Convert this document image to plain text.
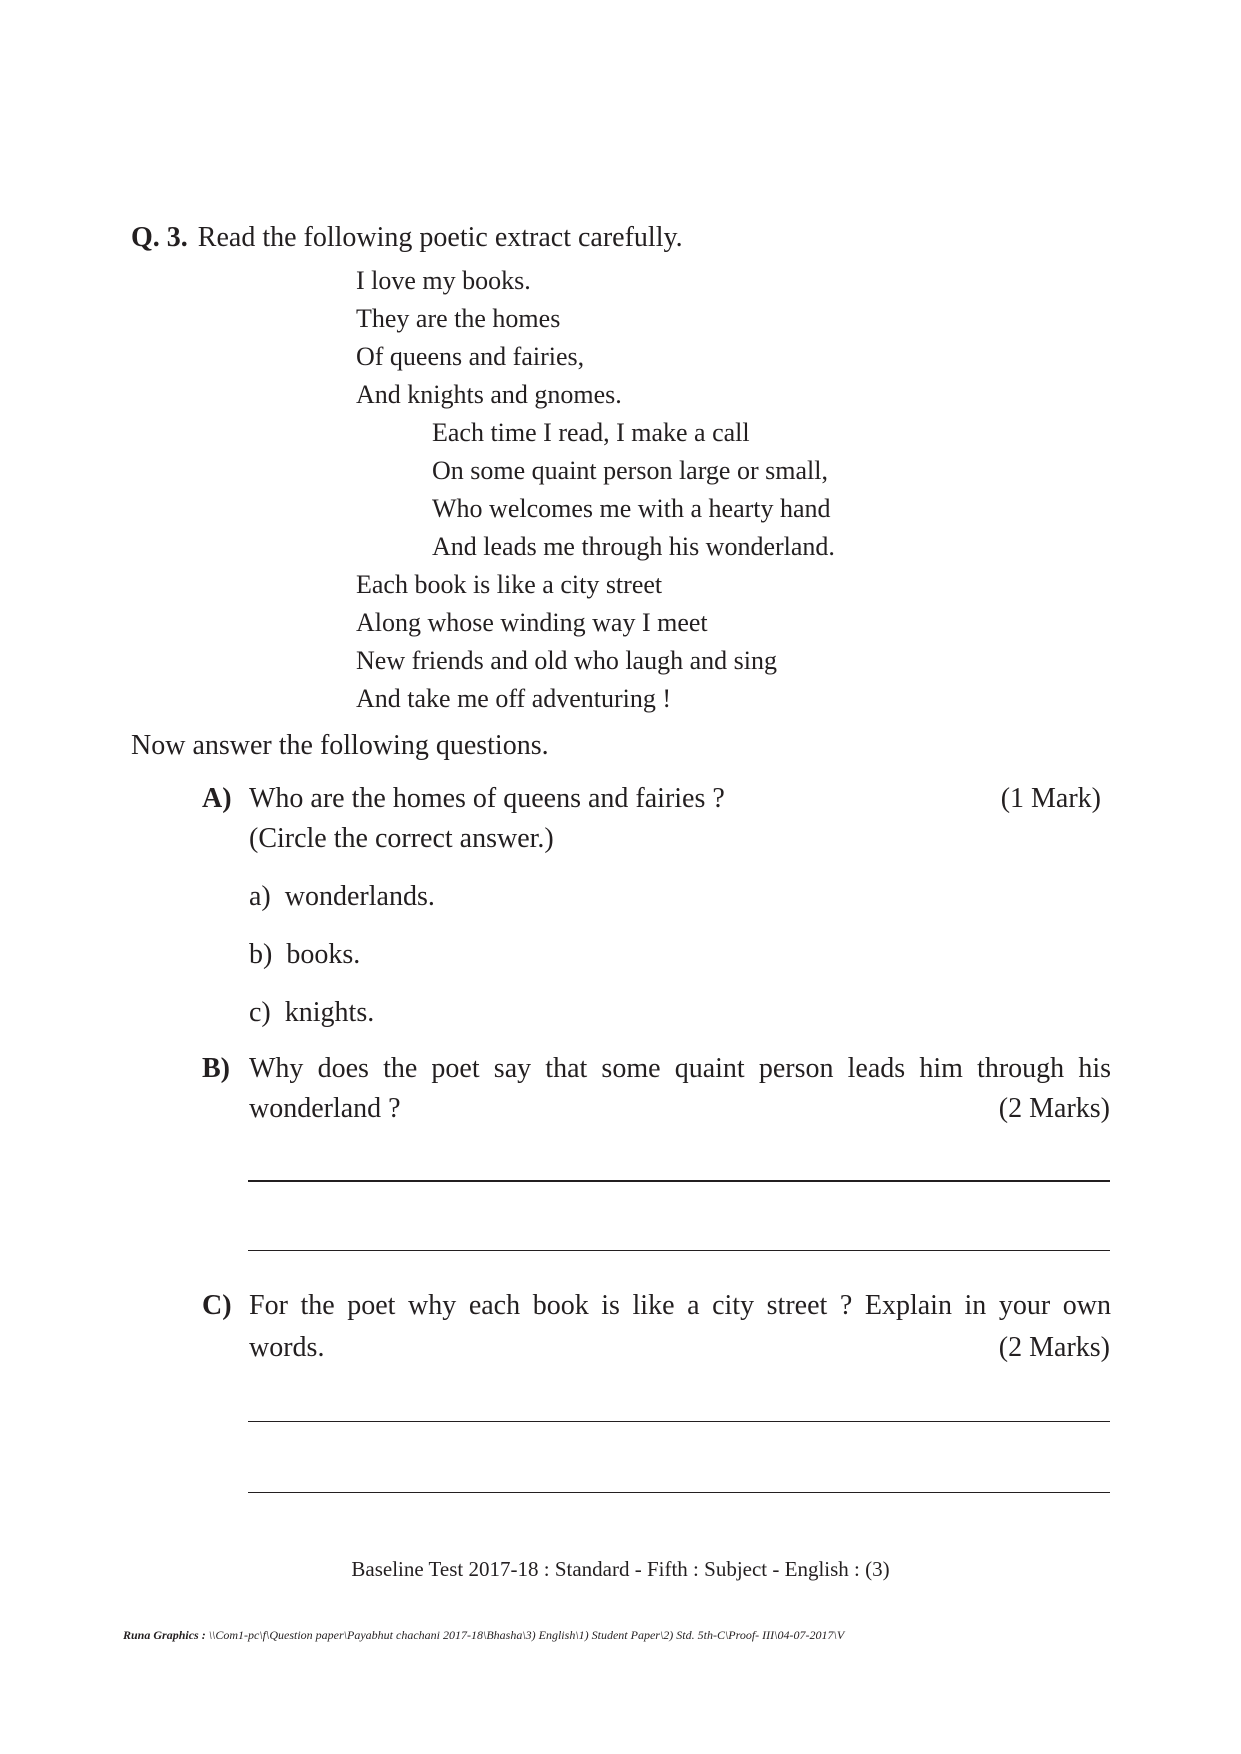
Q. 3. Read the following poetic extract carefully.
I love my books.
They are the homes
Of queens and fairies,
And knights and gnomes.
Each time I read, I make a call
On some quaint person large or small,
Who welcomes me with a hearty hand
And leads me through his wonderland.
Each book is like a city street
Along whose winding way I meet
New friends and old who laugh and sing
And take me off adventuring !
Now answer the following questions.
A) Who are the homes of queens and fairies ?	(1 Mark)
(Circle the correct answer.)
a) wonderlands.
b) books.
c) knights.
B) Why does the poet say that some quaint person leads him through his
wonderland ?	(2 Marks)
C) For the poet why each book is like a city street ? Explain in your own
words.	(2 Marks)
Baseline Test 2017-18 : Standard - Fifth : Subject - English : (3)
Runa Graphics : \\Com1-pc\f\Question paper\Payabhut chachani 2017-18\Bhasha\3) English\1) Student Paper\2) Std. 5th-C\Proof- III\04-07-2017\V
